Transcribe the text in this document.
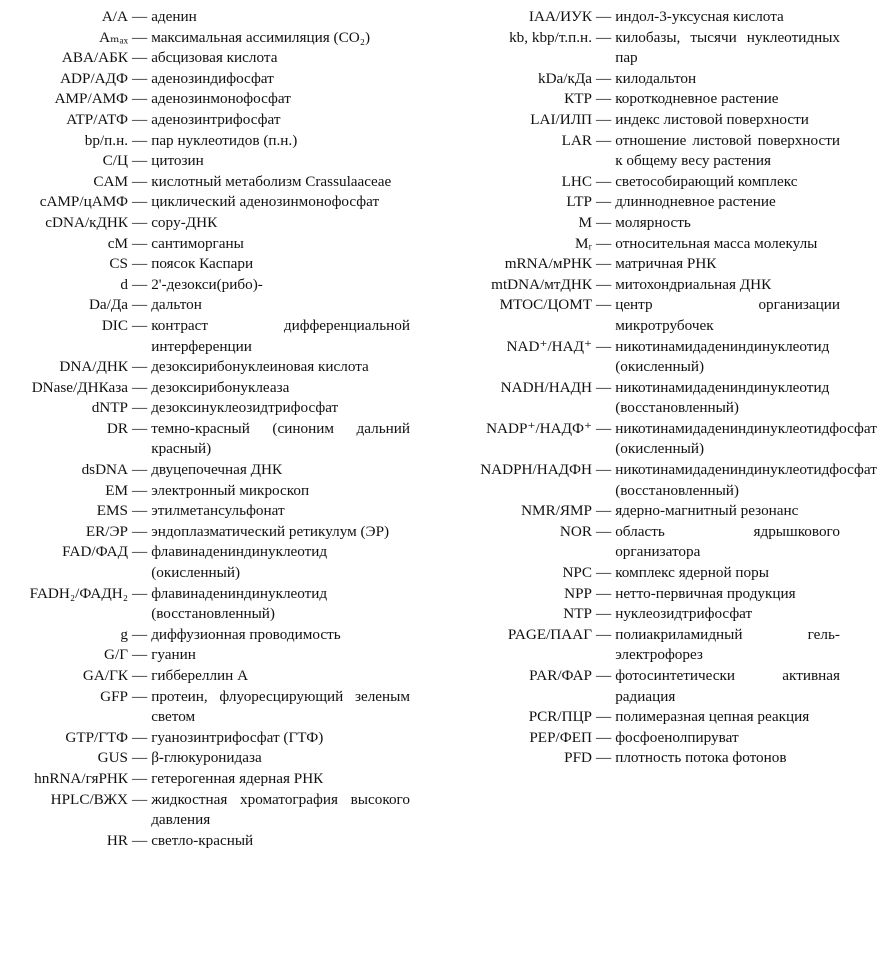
A/A — аденин
Aₘₐₓ — максимальная ассимиляция (CO₂)
ABA/АБК — абсцизовая кислота
ADP/АДФ — аденозиндифосфат
AMP/АМФ — аденозинмонофосфат
ATP/АТФ — аденозинтрифосфат
bp/п.н. — пар нуклеотидов (п.н.)
C/Ц — цитозин
CAM — кислотный метаболизм Crassulaaceae
cAMP/цАМФ — циклический аденозинмонофосфат
cDNA/кДНК — copy-ДНК
cM — сантиморганы
CS — поясок Каспари
d — 2'-дезокси(рибо)-
Da/Да — дальтон
DIC — контраст дифференциальной интерференции
DNA/ДНК — дезоксирибонуклеиновая кислота
DNase/ДНКаза — дезоксирибонуклеаза
dNTP — дезоксинуклеозидтрифосфат
DR — темно-красный (синоним дальний красный)
dsDNA — двуцепочечная ДНК
EM — электронный микроскоп
EMS — этилметансульфонат
ER/ЭР — эндоплазматический ретикулум (ЭР)
FAD/ФАД — флавинадениндинуклеотид (окисленный)
FADH₂/ФАДН₂ — флавинадениндинуклеотид (восстановленный)
g — диффузионная проводимость
G/Г — гуанин
GA/ГК — гиббереллин А
GFP — протеин, флуоресцирующий зеленым светом
GTP/ГТФ — гуанозинтрифосфат (ГТФ)
GUS — β-глюкуронидаза
hnRNA/гяРНК — гетерогенная ядерная РНК
HPLC/ВЖХ — жидкостная хроматография высокого давления
HR — светло-красный
IAA/ИУК — индол-3-уксусная кислота
kb, kbp/т.п.н. — килобазы, тысячи нуклеотидных пар
kDa/кДа — килодальтон
КТР — короткодневное растение
LAI/ИЛП — индекс листовой поверхности
LAR — отношение листовой поверхности к общему весу растения
LHC — светособирающий комплекс
LTP — длиннодневное растение
M — молярность
Mᵣ — относительная масса молекулы
mRNA/мРНК — матричная РНК
mtDNA/мтДНК — митохондриальная ДНК
MTOC/ЦОМТ — центр организации микротрубочек
NAD⁺/НАД⁺ — никотинамидадениндинуклеотид (окисленный)
NADH/НАДН — никотинамидадениндинуклеотид (восстановленный)
NADP⁺/НАДФ⁺ — никотинамидадениндинуклеотидфосфат (окисленный)
NADPH/НАДФН — никотинамидадениндинуклеотидфосфат (восстановленный)
NMR/ЯМР — ядерно-магнитный резонанс
NOR — область ядрышкового организатора
NPC — комплекс ядерной поры
NPP — нетто-первичная продукция
NTP — нуклеозидтрифосфат
PAGE/ПААГ — полиакриламидный гель-электрофорез
PAR/ФАР — фотосинтетически активная радиация
PCR/ПЦР — полимеразная цепная реакция
PEP/ФЕП — фосфоенолпируват
PFD — плотность потока фотонов
